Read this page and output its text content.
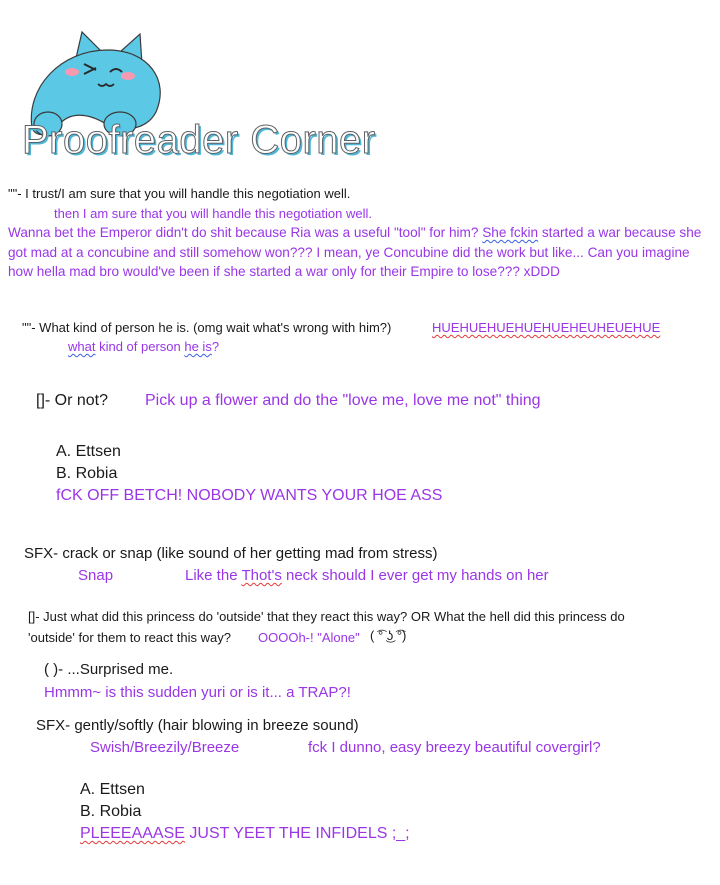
Proofreader Corner
""- I trust/I am sure that you will handle this negotiation well.
then I am sure that you will handle this negotiation well.
Wanna bet the Emperor didn't do shit because Ria was a useful "tool" for him? She fckin started a war because she got mad at a concubine and still somehow won??? I mean, ye Concubine did the work but like... Can you imagine how hella mad bro would've been if she started a war only for their Empire to lose??? xDDD
""- What kind of person he is. (omg wait what's wrong with him?)	HUEHUEHUEHUEHUEHEUHEUEHUE
what kind of person he is?
[]- Or not? Pick up a flower and do the "love me, love me not" thing
A. Ettsen
B. Robia
fCK OFF BETCH! NOBODY WANTS YOUR HOE ASS
SFX- crack or snap (like sound of her getting mad from stress)
Snap	Like the Thot's neck should I ever get my hands on her
[]- Just what did this princess do 'outside' that they react this way? OR What the hell did this princess do
'outside' for them to react this way? OOOOh-! "Alone" ( ͡° ͜ʖ ͡°)
( )- ...Surprised me.
Hmmm~ is this sudden yuri or is it... a TRAP?!
SFX- gently/softly (hair blowing in breeze sound)
Swish/Breezily/Breeze	fck I dunno, easy breezy beautiful covergirl?
A. Ettsen
B. Robia
PLEEEAAASE JUST YEET THE INFIDELS ;_;
